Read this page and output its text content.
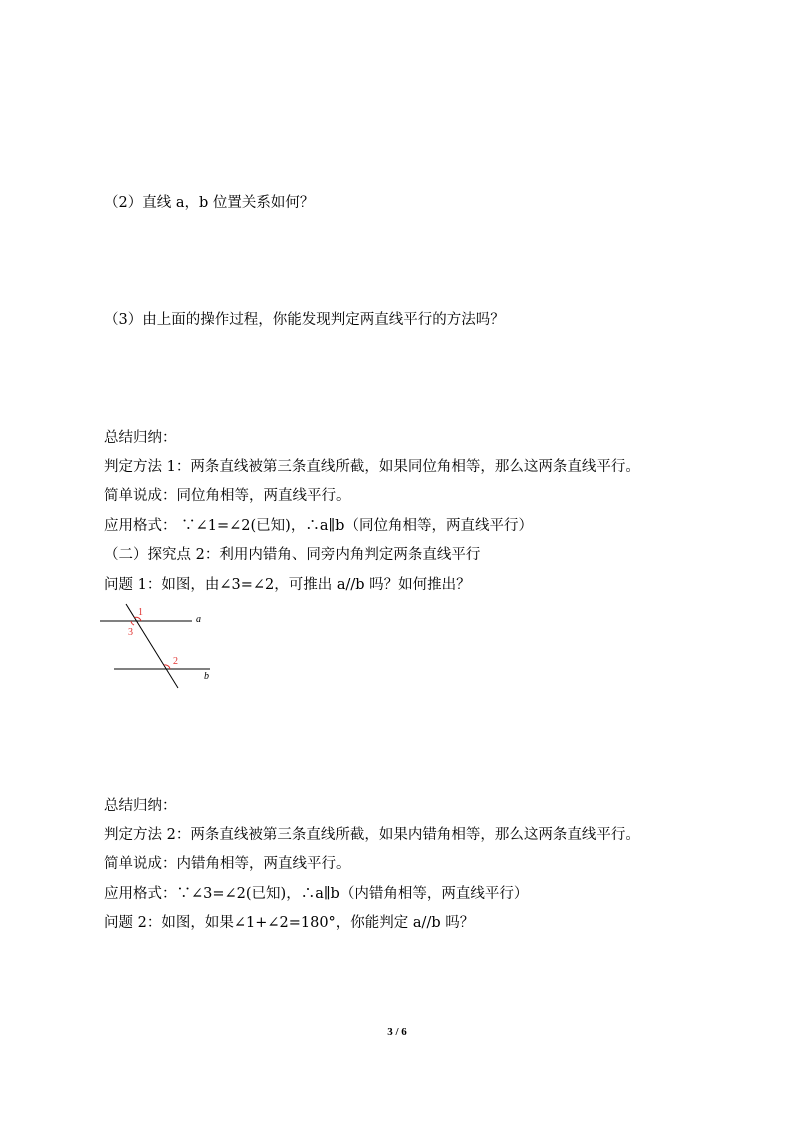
（2）直线 a，b 位置关系如何？
（3）由上面的操作过程，你能发现判定两直线平行的方法吗？
总结归纳：
判定方法 1：两条直线被第三条直线所截，如果同位角相等，那么这两条直线平行。
简单说成：同位角相等，两直线平行。
应用格式： ∵∠1=∠2(已知)，∴a∥b（同位角相等，两直线平行）
（二）探究点 2：利用内错角、同旁内角判定两条直线平行
问题 1：如图，由∠3=∠2，可推出 a//b 吗？如何推出？
1
3
2
a
b
总结归纳：
判定方法 2：两条直线被第三条直线所截，如果内错角相等，那么这两条直线平行。
简单说成：内错角相等，两直线平行。
应用格式：∵∠3=∠2(已知)，∴a∥b（内错角相等，两直线平行）
问题 2：如图，如果∠1+∠2=180°，你能判定 a//b 吗？
3 / 6
